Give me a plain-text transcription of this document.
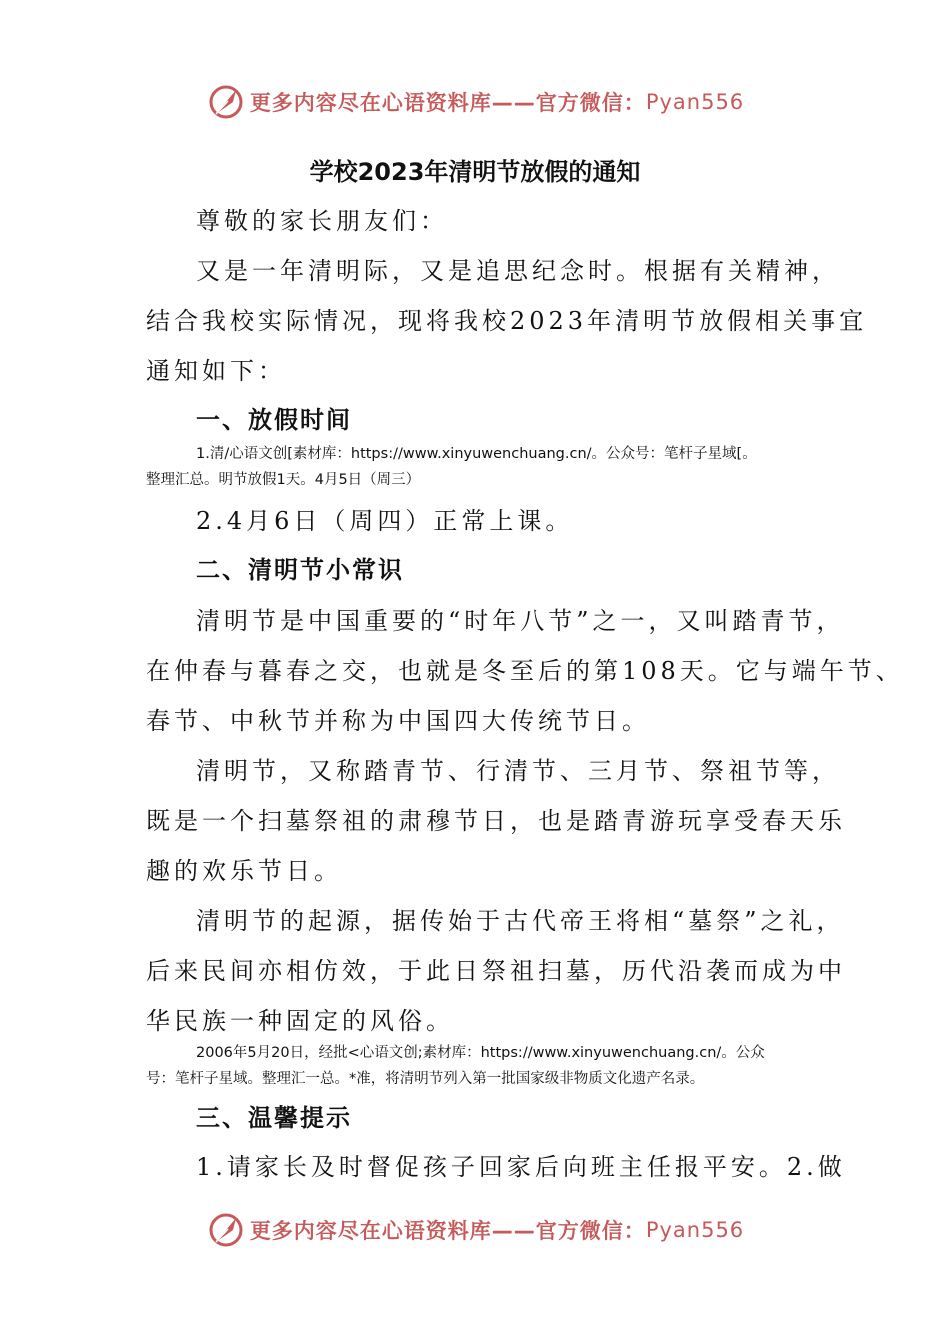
更多内容尽在心语资料库——官方微信： Pyan556
学校2023年清明节放假的通知
尊敬的家长朋友们：
又是一年清明际，又是追思纪念时。根据有关精神，
结合我校实际情况，现将我校2023年清明节放假相关事宜
通知如下：
一、放假时间
1.清/心语文创[素材库：https://www.xinyuwenchuang.cn/。公众号：笔杆子星域[。
整理汇总。明节放假1天。4月5日（周三）
2.4月6日（周四）正常上课。
二、清明节小常识
清明节是中国重要的“时年八节”之一，又叫踏青节，
在仲春与暮春之交，也就是冬至后的第108天。它与端午节、
春节、中秋节并称为中国四大传统节日。
清明节，又称踏青节、行清节、三月节、祭祖节等，
既是一个扫墓祭祖的肃穆节日，也是踏青游玩享受春天乐
趣的欢乐节日。
清明节的起源，据传始于古代帝王将相“墓祭”之礼，
后来民间亦相仿效，于此日祭祖扫墓，历代沿袭而成为中
华民族一种固定的风俗。
2006年5月20日，经批<心语文创;素材库：https://www.xinyuwenchuang.cn/。公众
号：笔杆子星域。整理汇一总。*准，将清明节列入第一批国家级非物质文化遗产名录。
三、温馨提示
1.请家长及时督促孩子回家后向班主任报平安。2.做
更多内容尽在心语资料库——官方微信： Pyan556
